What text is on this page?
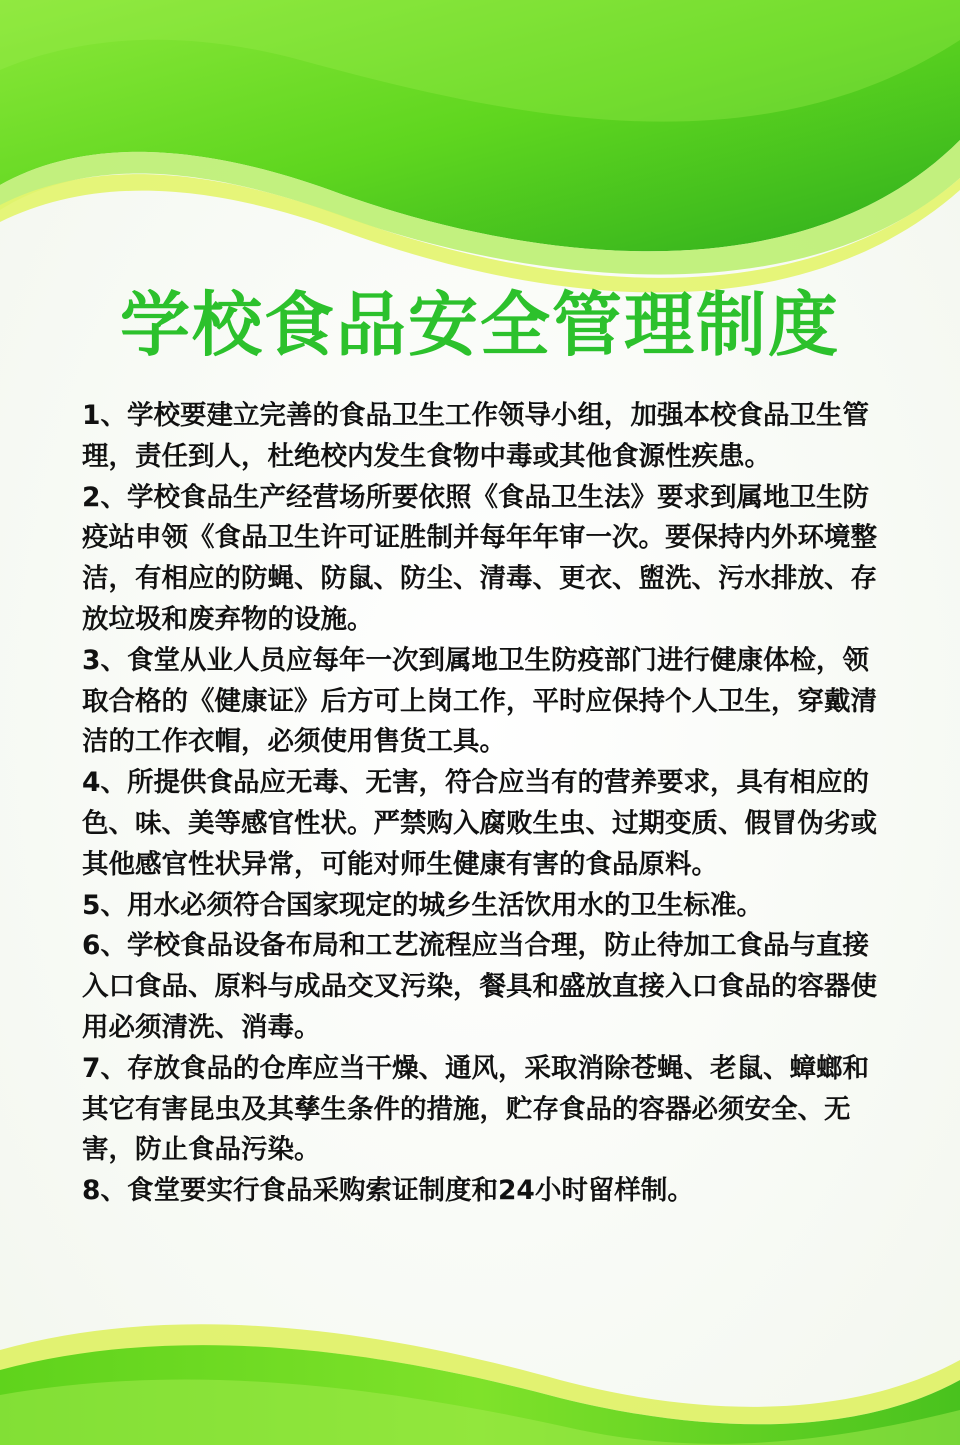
学校食品安全管理制度
1、学校要建立完善的食品卫生工作领导小组，加强本校食品卫生管理，责任到人，杜绝校内发生食物中毒或其他食源性疾患。
2、学校食品生产经营场所要依照《食品卫生法》要求到属地卫生防疫站申领《食品卫生许可证胜制并每年年审一次。要保持内外环境整洁，有相应的防蝇、防鼠、防尘、清毒、更衣、盥洗、污水排放、存放垃圾和废弃物的设施。
3、食堂从业人员应每年一次到属地卫生防疫部门进行健康体检，领取合格的《健康证》后方可上岗工作，平时应保持个人卫生，穿戴清洁的工作衣帽，必须使用售货工具。
4、所提供食品应无毒、无害，符合应当有的营养要求，具有相应的色、味、美等感官性状。严禁购入腐败生虫、过期变质、假冒伪劣或其他感官性状异常，可能对师生健康有害的食品原料。
5、用水必须符合国家现定的城乡生活饮用水的卫生标准。
6、学校食品设备布局和工艺流程应当合理，防止待加工食品与直接入口食品、原料与成品交叉污染，餐具和盛放直接入口食品的容器使用必须清洗、消毒。
7、存放食品的仓库应当干燥、通风，采取消除苍蝇、老鼠、蟑螂和其它有害昆虫及其孳生条件的措施，贮存食品的容器必须安全、无害，防止食品污染。
8、食堂要实行食品采购索证制度和24小时留样制。
